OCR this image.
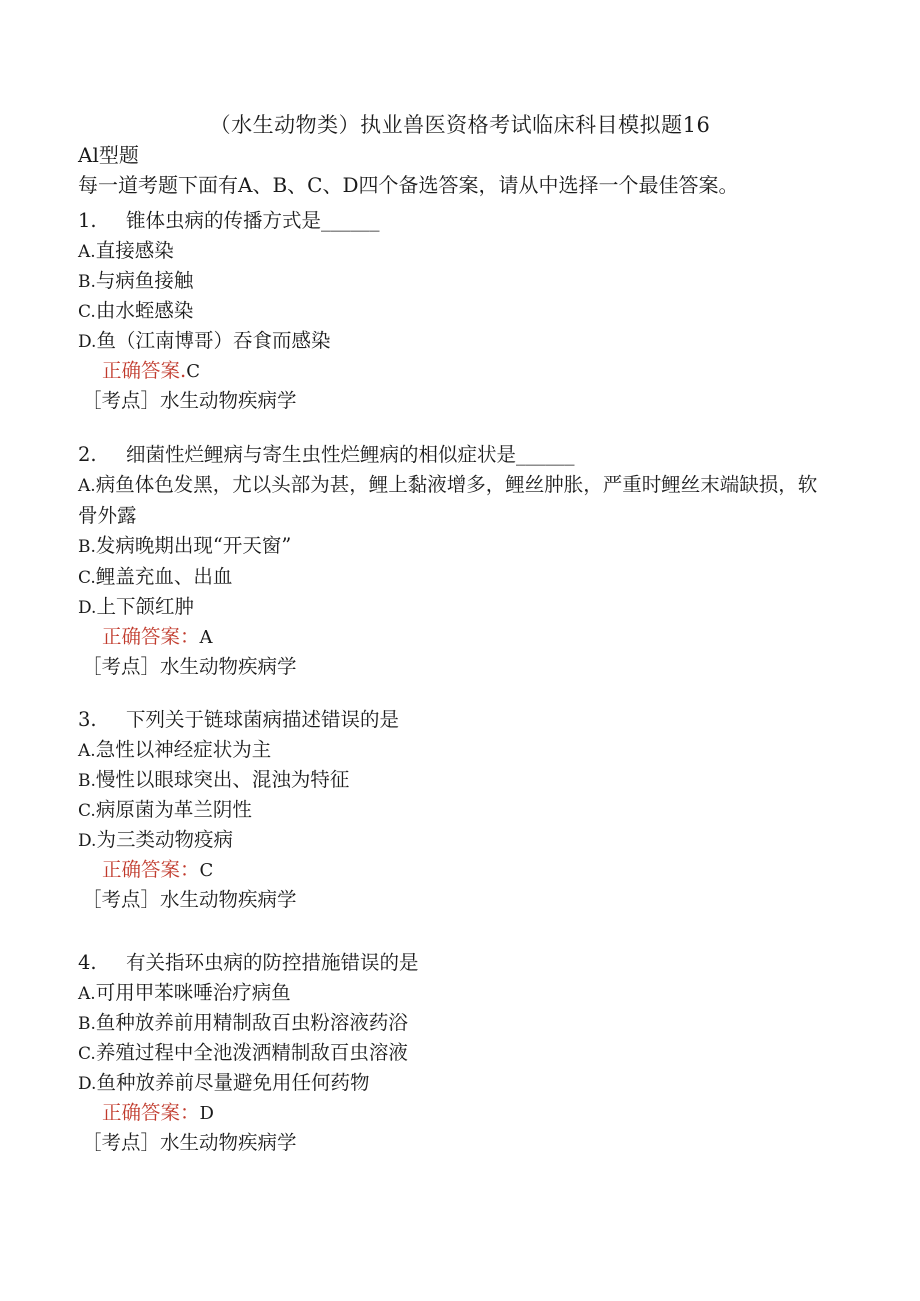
（水生动物类）执业兽医资格考试临床科目模拟题16
Al型题
每一道考题下面有A、B、C、D四个备选答案，请从中选择一个最佳答案。
1. 锥体虫病的传播方式是______
A.直接感染
B.与病鱼接触
C.由水蛭感染
D.鱼（江南博哥）吞食而感染
正确答案.C
［考点］水生动物疾病学
2. 细菌性烂鲤病与寄生虫性烂鲤病的相似症状是______
A.病鱼体色发黑，尤以头部为甚，鲤上黏液增多，鲤丝肿胀，严重时鲤丝末端缺损，软骨外露
B.发病晚期出现“开天窗”
C.鲤盖充血、出血
D.上下颌红肿
正确答案：A
［考点］水生动物疾病学
3. 下列关于链球菌病描述错误的是
A.急性以神经症状为主
B.慢性以眼球突出、混浊为特征
C.病原菌为革兰阴性
D.为三类动物疫病
正确答案：C
［考点］水生动物疾病学
4. 有关指环虫病的防控措施错误的是
A.可用甲苯咪唾治疗病鱼
B.鱼种放养前用精制敌百虫粉溶液药浴
C.养殖过程中全池泼洒精制敌百虫溶液
D.鱼种放养前尽量避免用任何药物
正确答案：D
［考点］水生动物疾病学
